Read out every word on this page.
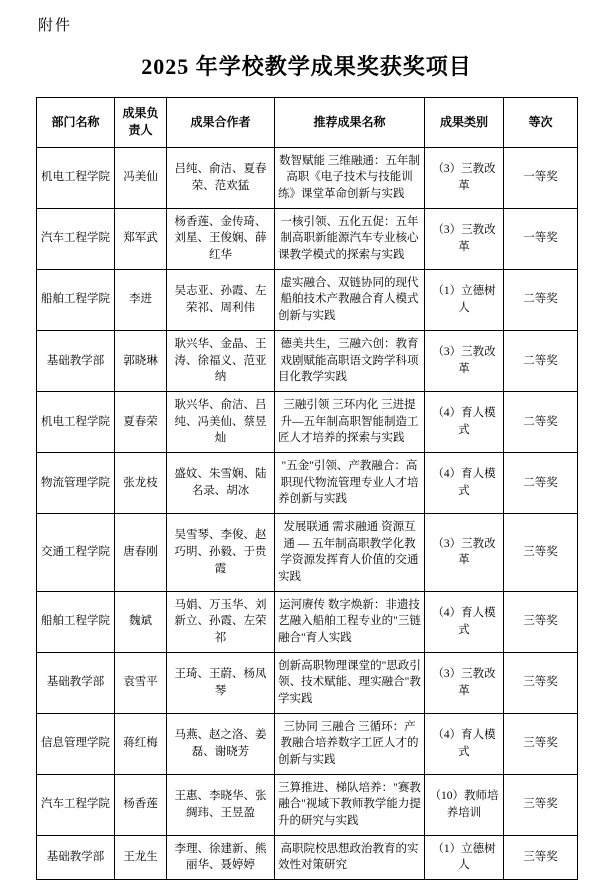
附件
2025 年学校教学成果奖获奖项目
部门名称	成果负责人	成果合作者	推荐成果名称	成果类别	等次
机电工程学院	冯美仙	吕纯、俞洁、夏春荣、范欢猛	数智赋能 三维融通：五年制高职《电子技术与技能训练》课堂革命创新与实践	（3）三教改革	一等奖
汽车工程学院	郑军武	杨香莲、金传琦、刘星、王俊娴、薛红华	一核引领、五化五促：五年制高职新能源汽车专业核心课教学模式的探索与实践	（3）三教改革	一等奖
船舶工程学院	李进	吴志亚、孙霞、左荣祁、周利伟	虚实融合、双链协同的现代船舶技术产教融合育人模式创新与实践	（1）立德树人	二等奖
基础教学部	郭晓琳	耿兴华、金晶、王涛、徐福义、范亚纳	德美共生，三融六创：教育戏剧赋能高职语文跨学科项目化教学实践	（3）三教改革	二等奖
机电工程学院	夏春荣	耿兴华、俞洁、吕纯、冯美仙、蔡昱灿	三融引领 三环内化 三进提升—五年制高职智能制造工匠人才培养的探索与实践	（4）育人模式	二等奖
物流管理学院	张龙枝	盛妏、朱雪娴、陆名录、胡冰	"五金"引领、产教融合：高职现代物流管理专业人才培养创新与实践	（4）育人模式	二等奖
交通工程学院	唐春刚	吴雪琴、李俊、赵巧明、孙毅、于贵霞	发展联通 需求融通 资源互通 — 五年制高职教学化教学资源发挥育人价值的交通实践	（3）三教改革	三等奖
船舶工程学院	魏斌	马娟、万玉华、刘新立、孙霞、左荣祁	运河赓传 数字焕新：非遗技艺融入船舶工程专业的"三链融合"育人实践	（4）育人模式	三等奖
基础教学部	袁雪平	王琦、王蔚、杨凤琴	创新高职物理课堂的"思政引领、技术赋能、理实融合"教学实践	（3）三教改革	三等奖
信息管理学院	蒋红梅	马燕、赵之洛、姜磊、谢晓芳	三协同 三融合 三循环：产教融合培养数字工匠人才的创新与实践	（4）育人模式	三等奖
汽车工程学院	杨香莲	王惠、李晓华、张绸玮、王昱盈	三算推进、梯队培养："赛教融合"视域下教师教学能力提升的研究与实践	（10）教师培养培训	三等奖
基础教学部	王龙生	李理、徐建新、熊丽华、聂婷婷	高职院校思想政治教育的实效性对策研究	（1）立德树人	三等奖
